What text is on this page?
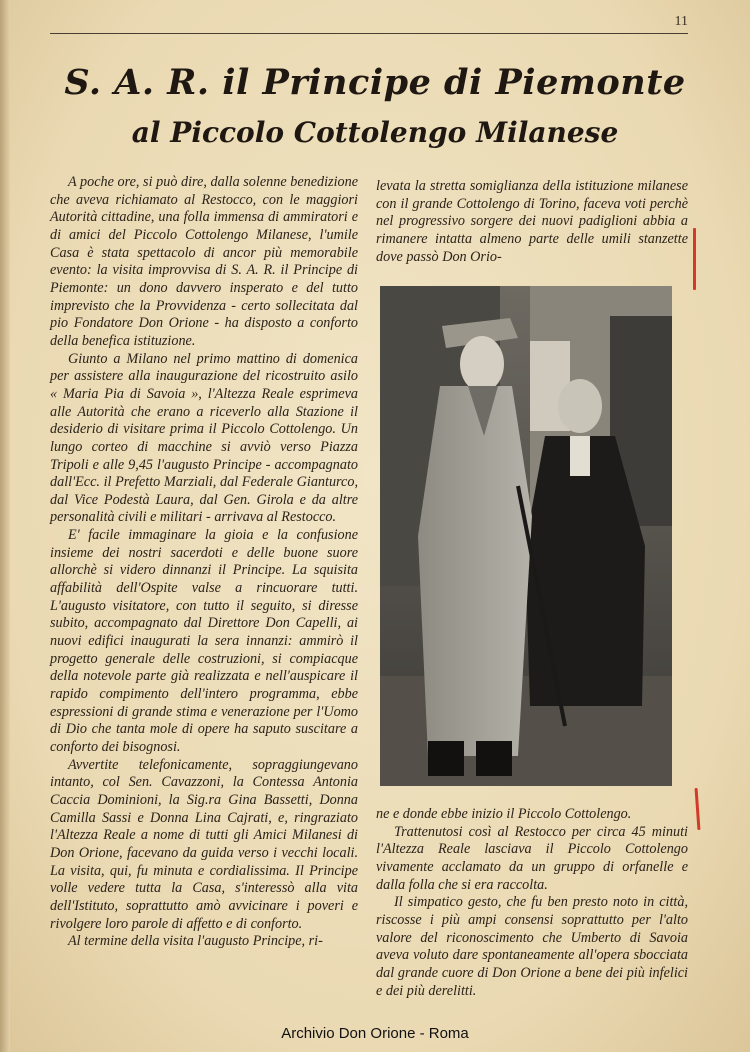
11
S. A. R. il Principe di Piemonte
al Piccolo Cottolengo Milanese

A poche ore, si può dire, dalla solenne benedizione che aveva richiamato al Restocco, con le maggiori Autorità cittadine, una folla immensa di ammiratori e di amici del Piccolo Cottolengo Milanese, l'umile Casa è stata spettacolo di ancor più memorabile evento: la visita improvvisa di S. A. R. il Principe di Piemonte: un dono davvero insperato e del tutto imprevisto che la Provvidenza - certo sollecitata dal pio Fondatore Don Orione - ha disposto a conforto della benefica istituzione.

Giunto a Milano nel primo mattino di domenica per assistere alla inaugurazione del ricostruito asilo « Maria Pia di Savoia », l'Altezza Reale esprimeva alle Autorità che erano a riceverlo alla Stazione il desiderio di visitare prima il Piccolo Cottolengo. Un lungo corteo di macchine si avviò verso Piazza Tripoli e alle 9,45 l'augusto Principe - accompagnato dall'Ecc. il Prefetto Marziali, dal Federale Gianturco, dal Vice Podestà Laura, dal Gen. Girola e da altre personalità civili e militari - arrivava al Restocco.

E' facile immaginare la gioia e la confusione insieme dei nostri sacerdoti e delle buone suore allorchè si videro dinnanzi il Principe. La squisita affabilità dell'Ospite valse a rincuorare tutti. L'augusto visitatore, con tutto il seguito, si diresse subito, accompagnato dal Direttore Don Capelli, ai nuovi edifici inaugurati la sera innanzi: ammirò il progetto generale delle costruzioni, si compiacque della notevole parte già realizzata e nell'auspicare il rapido compimento dell'intero programma, ebbe espressioni di grande stima e venerazione per l'Uomo di Dio che tanta mole di opere ha saputo suscitare a conforto dei bisognosi.

Avvertite telefonicamente, sopraggiungevano intanto, col Sen. Cavazzoni, la Contessa Antonia Caccia Dominioni, la Sig.ra Gina Bassetti, Donna Camilla Sassi e Donna Lina Cajrati, e, ringraziato l'Altezza Reale a nome di tutti gli Amici Milanesi di Don Orione, facevano da guida verso i vecchi locali. La visita, qui, fu minuta e cordialissima. Il Principe volle vedere tutta la Casa, s'interessò alla vita dell'Istituto, soprattutto amò avvicinare i poveri e rivolgere loro parole di affetto e di conforto.

Al termine della visita l'augusto Principe, ri-

levata la stretta somiglianza della istituzione milanese con il grande Cottolengo di Torino, faceva voti perchè nel progressivo sorgere dei nuovi padiglioni abbia a rimanere intatta almeno parte delle umili stanzette dove passò Don Orio-

ne e donde ebbe inizio il Piccolo Cottolengo.

Trattenutosi così al Restocco per circa 45 minuti l'Altezza Reale lasciava il Piccolo Cottolengo vivamente acclamato da un gruppo di orfanelle e dalla folla che si era raccolta.

Il simpatico gesto, che fu ben presto noto in città, riscosse i più ampi consensi soprattutto per l'alto valore del riconoscimento che Umberto di Savoia aveva voluto dare spontaneamente all'opera sbocciata dal grande cuore di Don Orione a bene dei più infelici e dei più derelitti.

Archivio Don Orione - Roma
